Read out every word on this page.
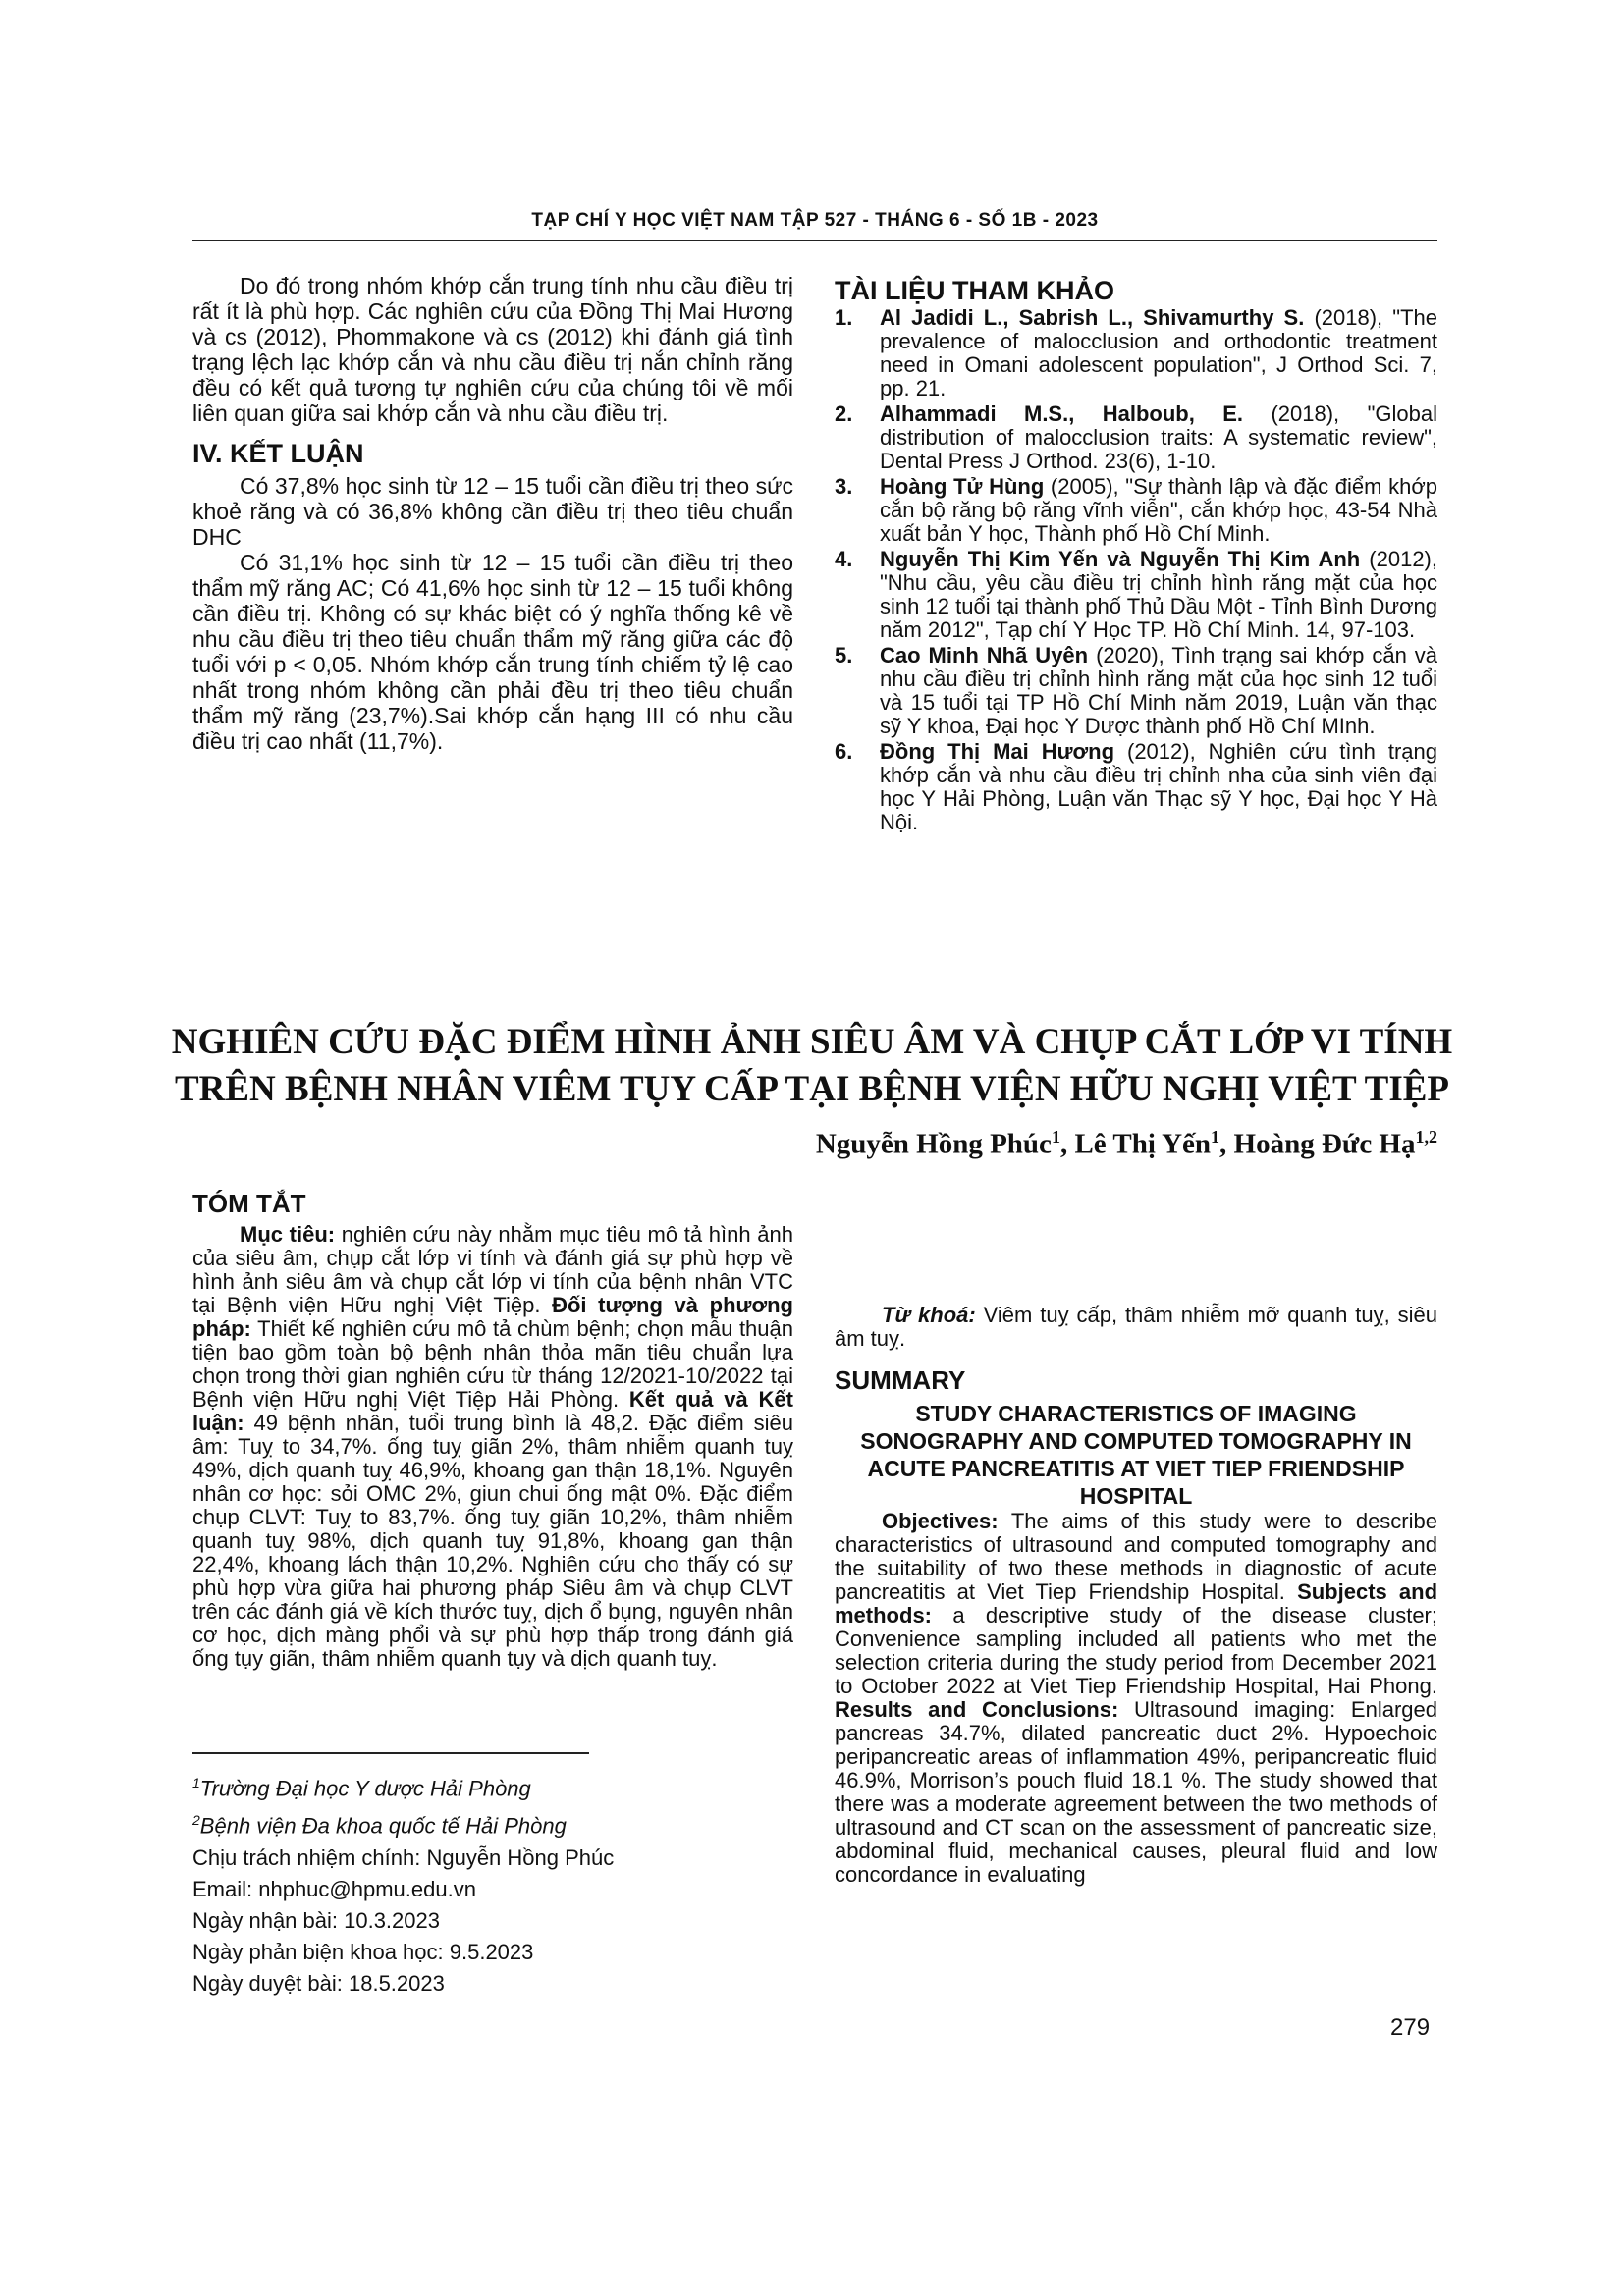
TẠP CHÍ Y HỌC VIỆT NAM TẬP 527 - THÁNG 6 - SỐ 1B - 2023

Do đó trong nhóm khớp cắn trung tính nhu cầu điều trị rất ít là phù hợp. Các nghiên cứu của Đồng Thị Mai Hương và cs (2012), Phommakone và cs (2012) khi đánh giá tình trạng lệch lạc khớp cắn và nhu cầu điều trị nắn chỉnh răng đều có kết quả tương tự nghiên cứu của chúng tôi về mối liên quan giữa sai khớp cắn và nhu cầu điều trị.

IV. KẾT LUẬN

Có 37,8% học sinh từ 12 – 15 tuổi cần điều trị theo sức khoẻ răng và có 36,8% không cần điều trị theo tiêu chuẩn DHC

Có 31,1% học sinh từ 12 – 15 tuổi cần điều trị theo thẩm mỹ răng AC; Có 41,6% học sinh từ 12 – 15 tuổi không cần điều trị. Không có sự khác biệt có ý nghĩa thống kê về nhu cầu điều trị theo tiêu chuẩn thẩm mỹ răng giữa các độ tuổi với p < 0,05. Nhóm khớp cắn trung tính chiếm tỷ lệ cao nhất trong nhóm không cần phải đều trị theo tiêu chuẩn thẩm mỹ răng (23,7%).Sai khớp cắn hạng III có nhu cầu điều trị cao nhất (11,7%).

TÀI LIỆU THAM KHẢO

1. Al Jadidi L., Sabrish L., Shivamurthy S. (2018), "The prevalence of malocclusion and orthodontic treatment need in Omani adolescent population", J Orthod Sci. 7, pp. 21.
2. Alhammadi M.S., Halboub, E. (2018), "Global distribution of malocclusion traits: A systematic review", Dental Press J Orthod. 23(6), 1-10.
3. Hoàng Tử Hùng (2005), "Sự thành lập và đặc điểm khớp cắn bộ răng bộ răng vĩnh viễn", cắn khớp học, 43-54 Nhà xuất bản Y học, Thành phố Hồ Chí Minh.
4. Nguyễn Thị Kim Yến và Nguyễn Thị Kim Anh (2012), "Nhu cầu, yêu cầu điều trị chỉnh hình răng mặt của học sinh 12 tuổi tại thành phố Thủ Dầu Một - Tỉnh Bình Dương năm 2012", Tạp chí Y Học TP. Hồ Chí Minh. 14, 97-103.
5. Cao Minh Nhã Uyên (2020), Tình trạng sai khớp cắn và nhu cầu điều trị chỉnh hình răng mặt của học sinh 12 tuổi và 15 tuổi tại TP Hồ Chí Minh năm 2019, Luận văn thạc sỹ Y khoa, Đại học Y Dược thành phố Hồ Chí MInh.
6. Đồng Thị Mai Hương (2012), Nghiên cứu tình trạng khớp cắn và nhu cầu điều trị chỉnh nha của sinh viên đại học Y Hải Phòng, Luận văn Thạc sỹ Y học, Đại học Y Hà Nội.
NGHIÊN CỨU ĐẶC ĐIỂM HÌNH ẢNH SIÊU ÂM VÀ CHỤP CẮT LỚP VI TÍNH
TRÊN BỆNH NHÂN VIÊM TỤY CẤP TẠI BỆNH VIỆN HỮU NGHỊ VIỆT TIỆP
Nguyễn Hồng Phúc$^1$, Lê Thị Yến$^1$, Hoàng Đức Hạ$^{1,2}$

TÓM TẮT

Mục tiêu: nghiên cứu này nhằm mục tiêu mô tả hình ảnh của siêu âm, chụp cắt lớp vi tính và đánh giá sự phù hợp về hình ảnh siêu âm và chụp cắt lớp vi tính của bệnh nhân VTC tại Bệnh viện Hữu nghị Việt Tiệp. Đối tượng và phương pháp: Thiết kế nghiên cứu mô tả chùm bệnh; chọn mẫu thuận tiện bao gồm toàn bộ bệnh nhân thỏa mãn tiêu chuẩn lựa chọn trong thời gian nghiên cứu từ tháng 12/2021-10/2022 tại Bệnh viện Hữu nghị Việt Tiệp Hải Phòng. Kết quả và Kết luận: 49 bệnh nhân, tuổi trung bình là 48,2. Đặc điểm siêu âm: Tuỵ to 34,7%. ống tuỵ giãn 2%, thâm nhiễm quanh tuỵ 49%, dịch quanh tuỵ 46,9%, khoang gan thận 18,1%. Nguyên nhân cơ học: sỏi OMC 2%, giun chui ống mật 0%. Đặc điểm chụp CLVT: Tuỵ to 83,7%. ống tuỵ giãn 10,2%, thâm nhiễm quanh tuỵ 98%, dịch quanh tuỵ 91,8%, khoang gan thận 22,4%, khoang lách thận 10,2%. Nghiên cứu cho thấy có sự phù hợp vừa giữa hai phương pháp Siêu âm và chụp CLVT trên các đánh giá về kích thước tuỵ, dịch ổ bụng, nguyên nhân cơ học, dịch màng phổi và sự phù hợp thấp trong đánh giá ống tụy giãn, thâm nhiễm quanh tụy và dịch quanh tuỵ.

$^1$Trường Đại học Y dược Hải Phòng
$^2$Bệnh viện Đa khoa quốc tế Hải Phòng
Chịu trách nhiệm chính: Nguyễn Hồng Phúc
Email: nhphuc@hpmu.edu.vn
Ngày nhận bài: 10.3.2023
Ngày phản biện khoa học: 9.5.2023
Ngày duyệt bài: 18.5.2023

Từ khoá: Viêm tuỵ cấp, thâm nhiễm mỡ quanh tuỵ, siêu âm tuỵ.

SUMMARY

STUDY CHARACTERISTICS OF IMAGING SONOGRAPHY AND COMPUTED TOMOGRAPHY IN ACUTE PANCREATITIS AT VIET TIEP FRIENDSHIP HOSPITAL

Objectives: The aims of this study were to describe characteristics of ultrasound and computed tomography and the suitability of two these methods in diagnostic of acute pancreatitis at Viet Tiep Friendship Hospital. Subjects and methods: a descriptive study of the disease cluster; Convenience sampling included all patients who met the selection criteria during the study period from December 2021 to October 2022 at Viet Tiep Friendship Hospital, Hai Phong. Results and Conclusions: Ultrasound imaging: Enlarged pancreas 34.7%, dilated pancreatic duct 2%. Hypoechoic peripancreatic areas of inflammation 49%, peripancreatic fluid 46.9%, Morrison’s pouch fluid 18.1 %. The study showed that there was a moderate agreement between the two methods of ultrasound and CT scan on the assessment of pancreatic size, abdominal fluid, mechanical causes, pleural fluid and low concordance in evaluating

279
